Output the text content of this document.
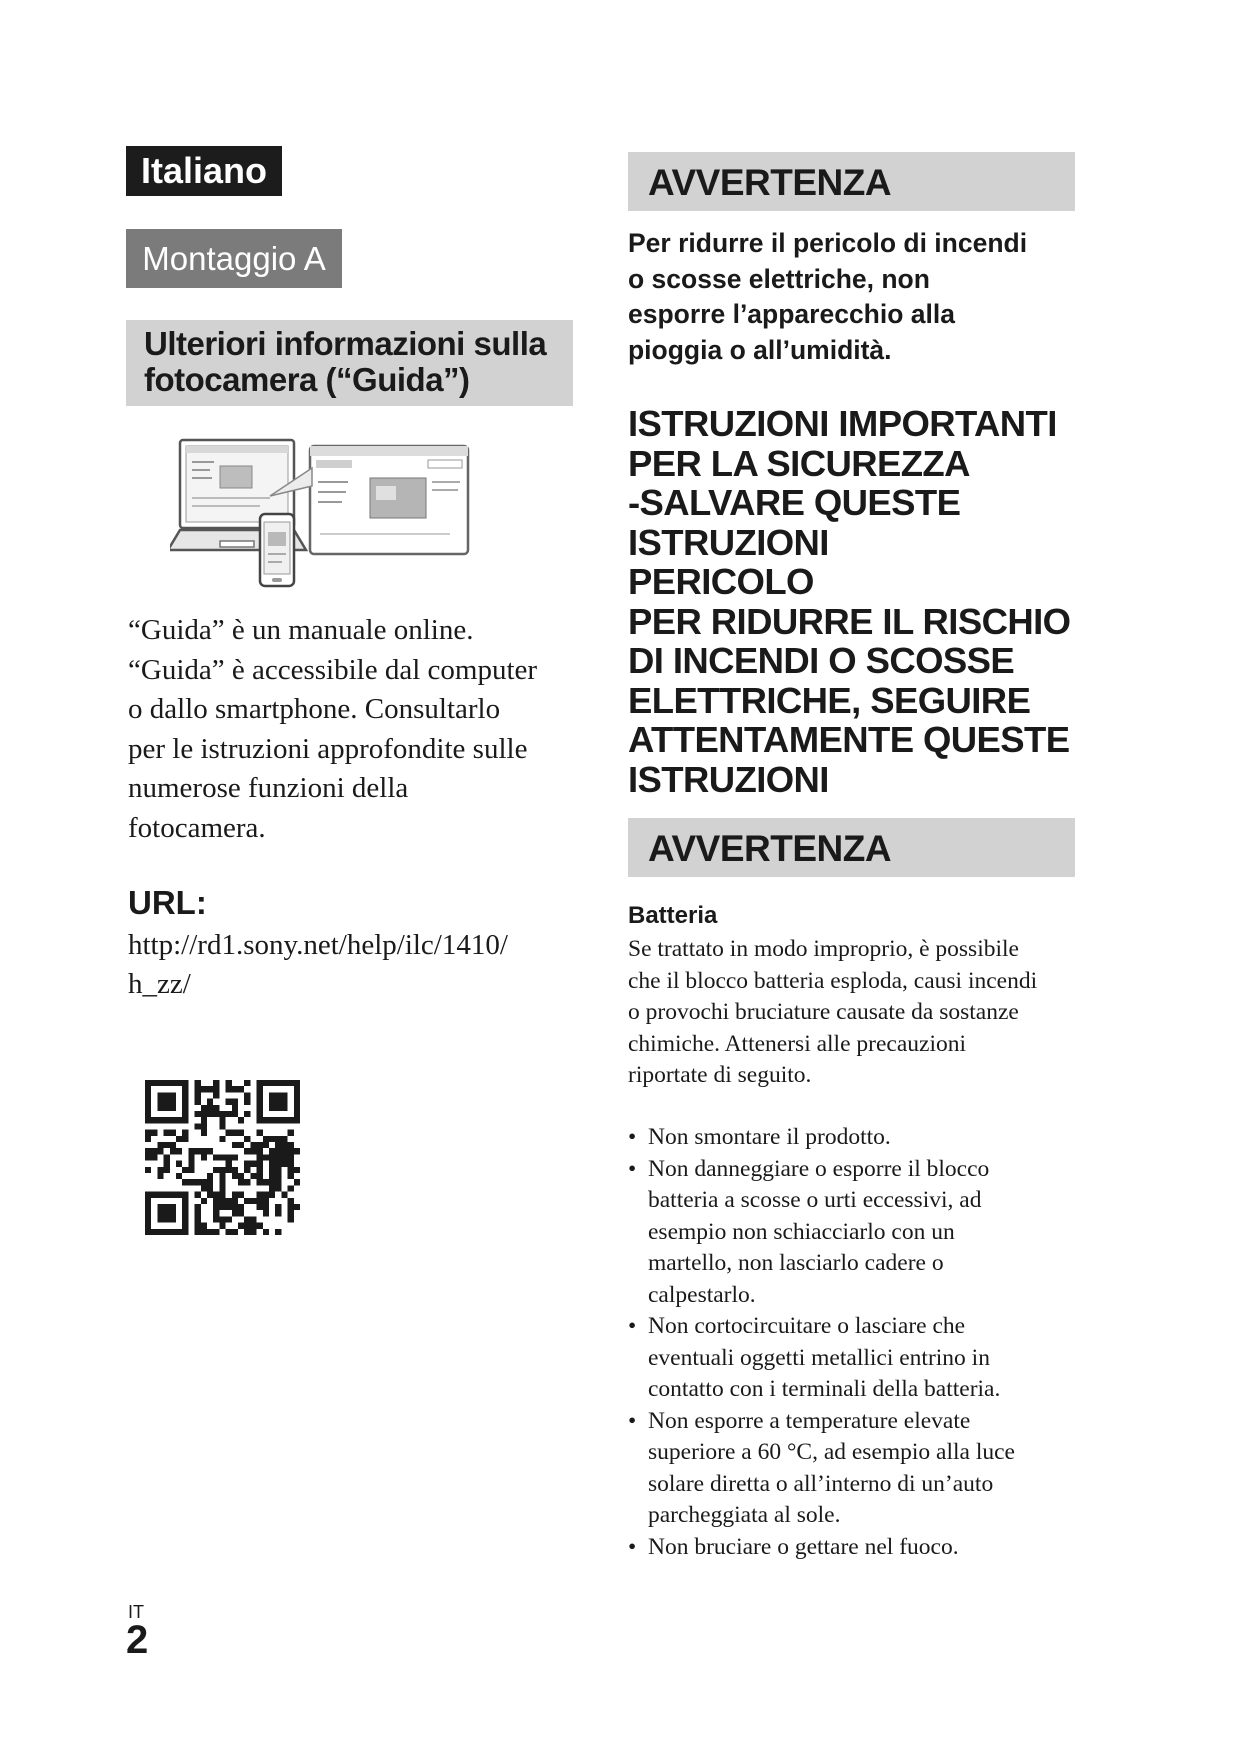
Italiano
Montaggio A
Ulteriori informazioni sulla
fotocamera (“Guida”)
“Guida” è un manuale online.
“Guida” è accessibile dal computer
o dallo smartphone. Consultarlo
per le istruzioni approfondite sulle
numerose funzioni della
fotocamera.
URL:
http://rd1.sony.net/help/ilc/1410/
h_zz/
AVVERTENZA
Per ridurre il pericolo di incendi
o scosse elettriche, non
esporre l’apparecchio alla
pioggia o all’umidità.
ISTRUZIONI IMPORTANTI
PER LA SICUREZZA
-SALVARE QUESTE
ISTRUZIONI
PERICOLO
PER RIDURRE IL RISCHIO
DI INCENDI O SCOSSE
ELETTRICHE, SEGUIRE
ATTENTAMENTE QUESTE
ISTRUZIONI
AVVERTENZA
Batteria
Se trattato in modo improprio, è possibile
che il blocco batteria esploda, causi incendi
o provochi bruciature causate da sostanze
chimiche. Attenersi alle precauzioni
riportate di seguito.
• Non smontare il prodotto.
• Non danneggiare o esporre il blocco
batteria a scosse o urti eccessivi, ad
esempio non schiacciarlo con un
martello, non lasciarlo cadere o
calpestarlo.
• Non cortocircuitare o lasciare che
eventuali oggetti metallici entrino in
contatto con i terminali della batteria.
• Non esporre a temperature elevate
superiore a 60 °C, ad esempio alla luce
solare diretta o all’interno di un’auto
parcheggiata al sole.
• Non bruciare o gettare nel fuoco.
IT
2
